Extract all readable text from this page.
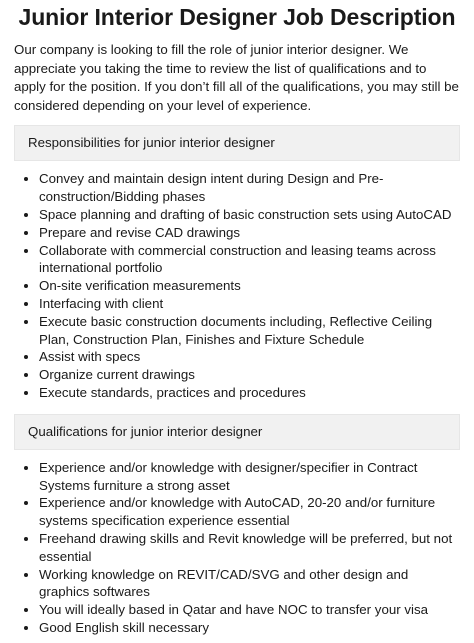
Junior Interior Designer Job Description

Our company is looking to fill the role of junior interior designer. We appreciate you taking the time to review the list of qualifications and to apply for the position. If you don’t fill all of the qualifications, you may still be considered depending on your level of experience.

Responsibilities for junior interior designer
• Convey and maintain design intent during Design and Pre-construction/Bidding phases
• Space planning and drafting of basic construction sets using AutoCAD
• Prepare and revise CAD drawings
• Collaborate with commercial construction and leasing teams across international portfolio
• On-site verification measurements
• Interfacing with client
• Execute basic construction documents including, Reflective Ceiling Plan, Construction Plan, Finishes and Fixture Schedule
• Assist with specs
• Organize current drawings
• Execute standards, practices and procedures
Qualifications for junior interior designer
• Experience and/or knowledge with designer/specifier in Contract Systems furniture a strong asset
• Experience and/or knowledge with AutoCAD, 20-20 and/or furniture systems specification experience essential
• Freehand drawing skills and Revit knowledge will be preferred, but not essential
• Working knowledge on REVIT/CAD/SVG and other design and graphics softwares
• You will ideally based in Qatar and have NOC to transfer your visa
• Good English skill necessary
